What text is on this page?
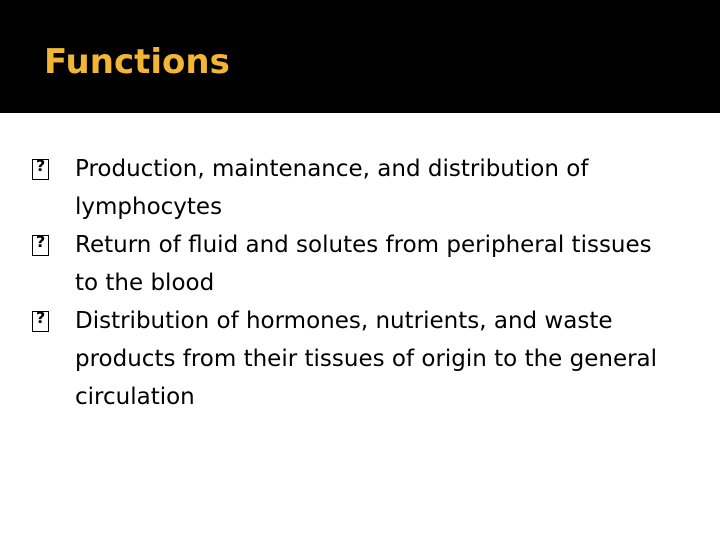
Functions
?
Production, maintenance, and distribution of lymphocytes
?
Return of fluid and solutes from peripheral tissues to the blood
?
Distribution of hormones, nutrients, and waste products from their tissues of origin to the general circulation
